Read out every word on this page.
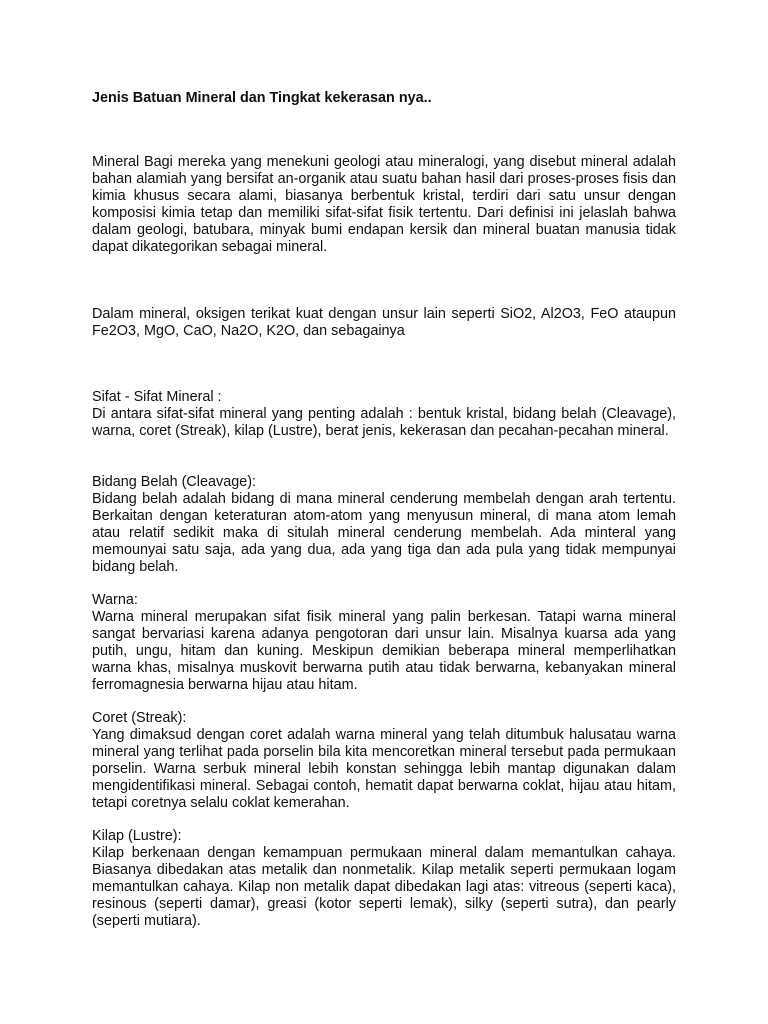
Jenis Batuan Mineral dan Tingkat kekerasan nya..

Mineral Bagi mereka yang menekuni geologi atau mineralogi, yang disebut mineral adalah bahan alamiah yang bersifat an-organik atau suatu bahan hasil dari proses-proses fisis dan kimia khusus secara alami, biasanya berbentuk kristal, terdiri dari satu unsur dengan komposisi kimia tetap dan memiliki sifat-sifat fisik tertentu. Dari definisi ini jelaslah bahwa dalam geologi, batubara, minyak bumi endapan kersik dan mineral buatan manusia tidak dapat dikategorikan sebagai mineral.

Dalam mineral, oksigen terikat kuat dengan unsur lain seperti SiO2, Al2O3, FeO ataupun Fe2O3, MgO, CaO, Na2O, K2O, dan sebagainya

Sifat - Sifat Mineral :

Di antara sifat-sifat mineral yang penting adalah : bentuk kristal, bidang belah (Cleavage), warna, coret (Streak), kilap (Lustre), berat jenis, kekerasan dan pecahan-pecahan mineral.

Bidang Belah (Cleavage):

Bidang belah adalah bidang di mana mineral cenderung membelah dengan arah tertentu. Berkaitan dengan keteraturan atom-atom yang menyusun mineral, di mana atom lemah atau relatif sedikit maka di situlah mineral cenderung membelah. Ada minteral yang memounyai satu saja, ada yang dua, ada yang tiga dan ada pula yang tidak mempunyai bidang belah.

Warna:

Warna mineral merupakan sifat fisik mineral yang palin berkesan. Tatapi warna mineral sangat bervariasi karena adanya pengotoran dari unsur lain. Misalnya kuarsa ada yang putih, ungu, hitam dan kuning. Meskipun demikian beberapa mineral memperlihatkan warna khas, misalnya muskovit berwarna putih atau tidak berwarna, kebanyakan mineral ferromagnesia berwarna hijau atau hitam.

Coret (Streak):

Yang dimaksud dengan coret adalah warna mineral yang telah ditumbuk halusatau warna mineral yang terlihat pada porselin bila kita mencoretkan mineral tersebut pada permukaan porselin. Warna serbuk mineral lebih konstan sehingga lebih mantap digunakan dalam mengidentifikasi mineral. Sebagai contoh, hematit dapat berwarna coklat, hijau atau hitam, tetapi coretnya selalu coklat kemerahan.

Kilap (Lustre):

Kilap berkenaan dengan kemampuan permukaan mineral dalam memantulkan cahaya. Biasanya dibedakan atas metalik dan nonmetalik. Kilap metalik seperti permukaan logam memantulkan cahaya. Kilap non metalik dapat dibedakan lagi atas: vitreous (seperti kaca), resinous (seperti damar), greasi (kotor seperti lemak), silky (seperti sutra), dan pearly (seperti mutiara).
